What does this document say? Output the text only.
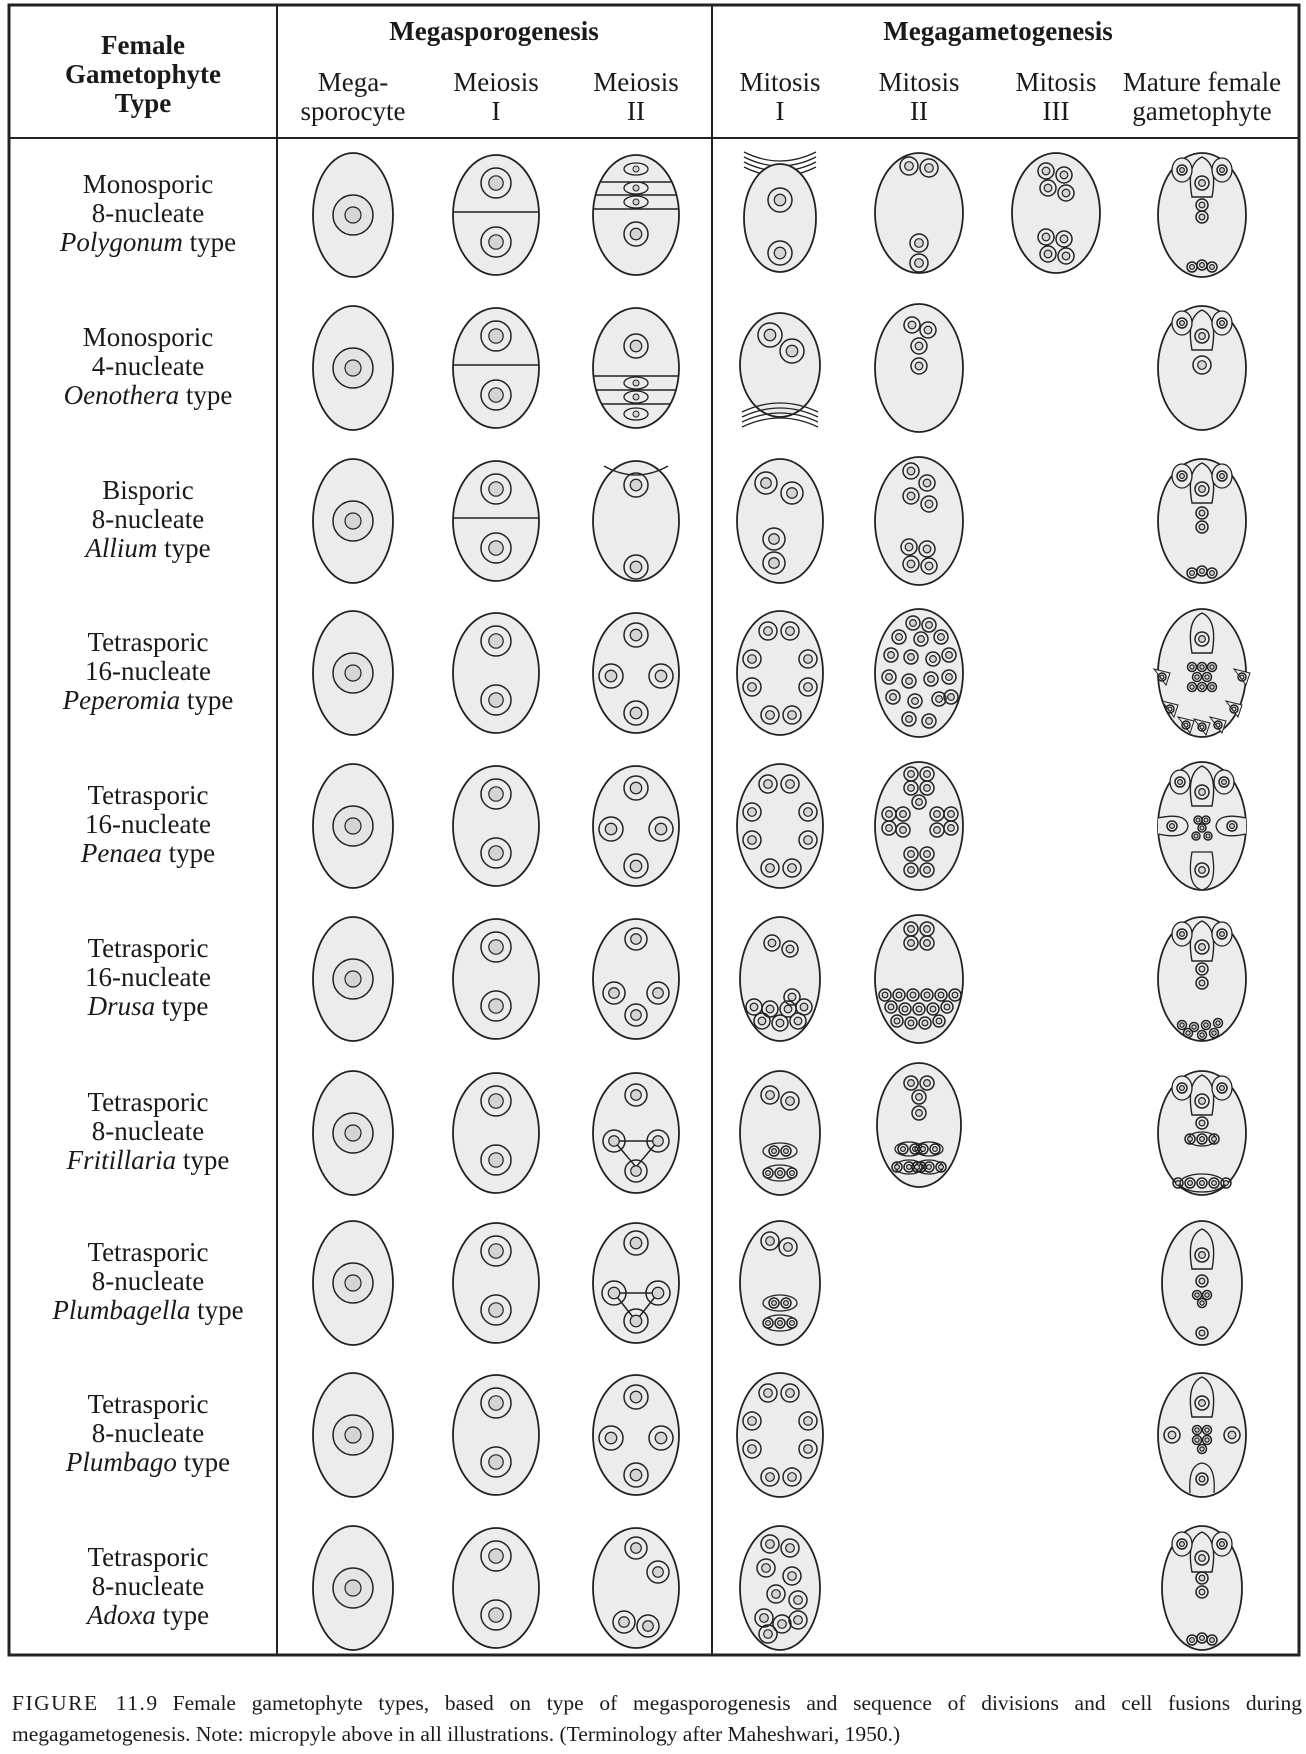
Female
Gametophyte
Type
Megasporogenesis	Megagametogenesis
Mega-
sporocyte
Meiosis
I
Meiosis
II
Mitosis
I
Mitosis
II
Mitosis
III
Mature female
gametophyte
Monosporic
8-nucleate
Polygonum type
Monosporic
4-nucleate
Oenothera type
Bisporic
8-nucleate
Allium type
Tetrasporic
16-nucleate
Peperomia type
Tetrasporic
16-nucleate
Penaea type
Tetrasporic
16-nucleate
Drusa type
Tetrasporic
8-nucleate
Fritillaria type
Tetrasporic
8-nucleate
Plumbagella type
Tetrasporic
8-nucleate
Plumbago type
Tetrasporic
8-nucleate
Adoxa type
FIGURE 11.9 Female gametophyte types, based on type of megasporogenesis and sequence of divisions and cell fusions during megagametogenesis. Note: micropyle above in all illustrations. (Terminology after Maheshwari, 1950.)
